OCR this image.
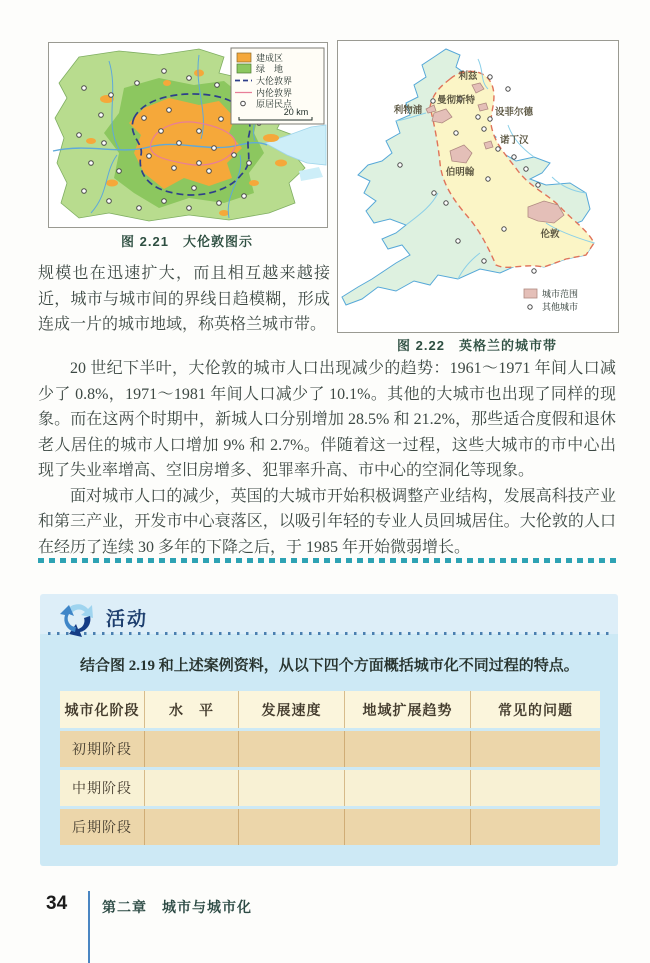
建成区
绿　地
大伦敦界
内伦敦界
原居民点
20 km
图 2.21　大伦敦图示
利兹
曼彻斯特
利物浦	设菲尔德
诺丁汉
伯明翰
伦敦
城市范围
其他城市
图 2.22　英格兰的城市带
规模也在迅速扩大，而且相互越来越接近，城市与城市间的界线日趋模糊，形成连成一片的城市地域，称英格兰城市带。

20 世纪下半叶，大伦敦的城市人口出现减少的趋势：1961～1971 年间人口减少了 0.8%，1971～1981 年间人口减少了 10.1%。其他的大城市也出现了同样的现象。而在这两个时期中，新城人口分别增加 28.5% 和 21.2%，那些适合度假和退休老人居住的城市人口增加 9% 和 2.7%。伴随着这一过程，这些大城市的市中心出现了失业率增高、空旧房增多、犯罪率升高、市中心的空洞化等现象。

面对城市人口的减少，英国的大城市开始积极调整产业结构，发展高科技产业和第三产业，开发市中心衰落区，以吸引年轻的专业人员回城居住。大伦敦的人口在经历了连续 30 多年的下降之后，于 1985 年开始微弱增长。

活动
结合图 2.19 和上述案例资料，从以下四个方面概括城市化不同过程的特点。
城市化阶段	水　平	发展速度	地域扩展趋势	常见的问题
初期阶段				
中期阶段				
后期阶段				
34 第二章　城市与城市化
